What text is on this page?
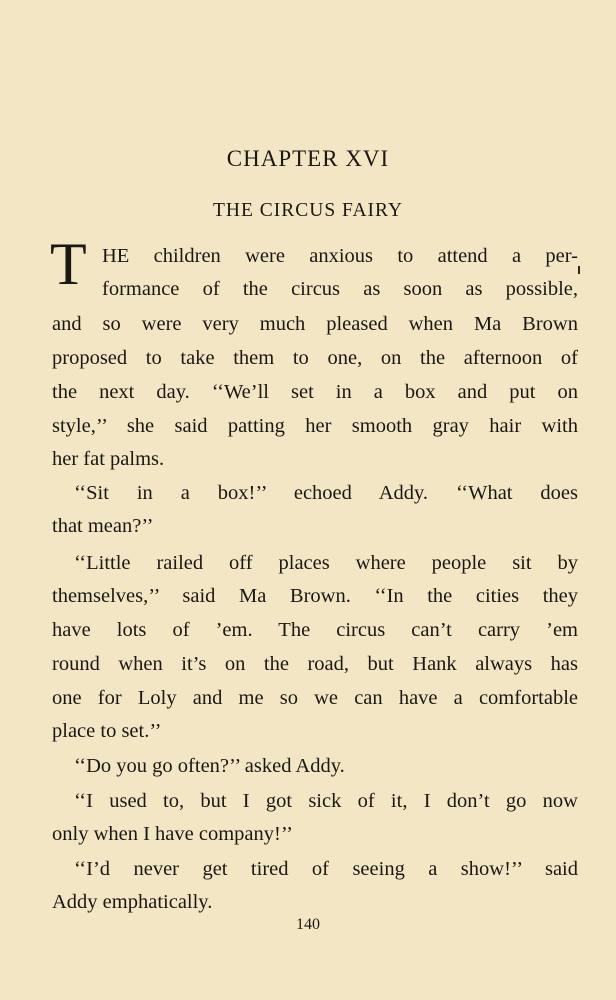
CHAPTER XVI
THE CIRCUS FAIRY
T HE children were anxious to attend a per-
formance of the circus as soon as possible,
and so were very much pleased when Ma Brown
proposed to take them to one, on the afternoon of
the next day. ‘‘We’ll set in a box and put on
style,’’ she said patting her smooth gray hair with
her fat palms.
‘‘Sit in a box!’’ echoed Addy. ‘‘What does
that mean?’’
‘‘Little railed off places where people sit by
themselves,’’ said Ma Brown. ‘‘In the cities they
have lots of ’em. The circus can’t carry ’em
round when it’s on the road, but Hank always has
one for Loly and me so we can have a comfortable
place to set.’’
‘‘Do you go often?’’ asked Addy.
‘‘I used to, but I got sick of it, I don’t go now
only when I have company!’’
‘‘I’d never get tired of seeing a show!’’ said
Addy emphatically.
140
